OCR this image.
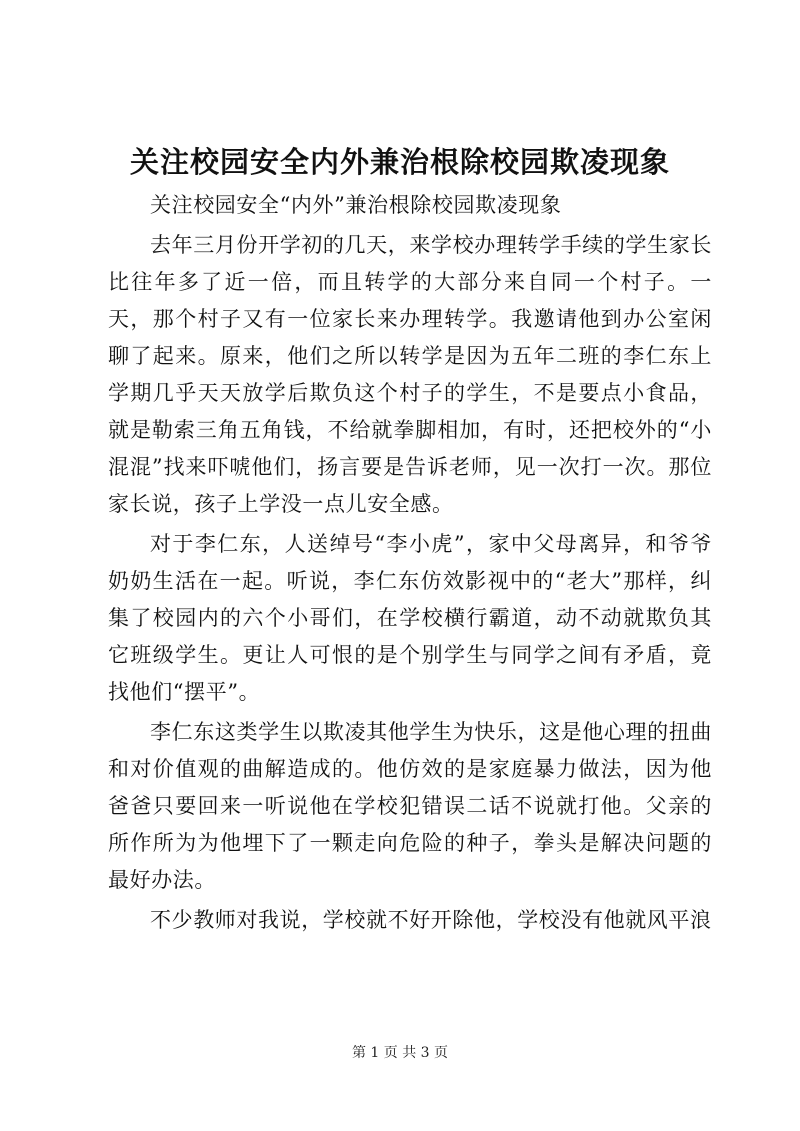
关注校园安全内外兼治根除校园欺凌现象

关注校园安全“内外”兼治根除校园欺凌现象

去年三月份开学初的几天，来学校办理转学手续的学生家长比往年多了近一倍，而且转学的大部分来自同一个村子。一天，那个村子又有一位家长来办理转学。我邀请他到办公室闲聊了起来。原来，他们之所以转学是因为五年二班的李仁东上学期几乎天天放学后欺负这个村子的学生，不是要点小食品，就是勒索三角五角钱，不给就拳脚相加，有时，还把校外的“小混混”找来吓唬他们，扬言要是告诉老师，见一次打一次。那位家长说，孩子上学没一点儿安全感。

对于李仁东，人送绰号“李小虎”，家中父母离异，和爷爷奶奶生活在一起。听说，李仁东仿效影视中的“老大”那样，纠集了校园内的六个小哥们，在学校横行霸道，动不动就欺负其它班级学生。更让人可恨的是个别学生与同学之间有矛盾，竟找他们“摆平”。

李仁东这类学生以欺凌其他学生为快乐，这是他心理的扭曲和对价值观的曲解造成的。他仿效的是家庭暴力做法，因为他爸爸只要回来一听说他在学校犯错误二话不说就打他。父亲的所作所为为他埋下了一颗走向危险的种子，拳头是解决问题的最好办法。

不少教师对我说，学校就不好开除他，学校没有他就风平浪

第 1 页 共 3 页
